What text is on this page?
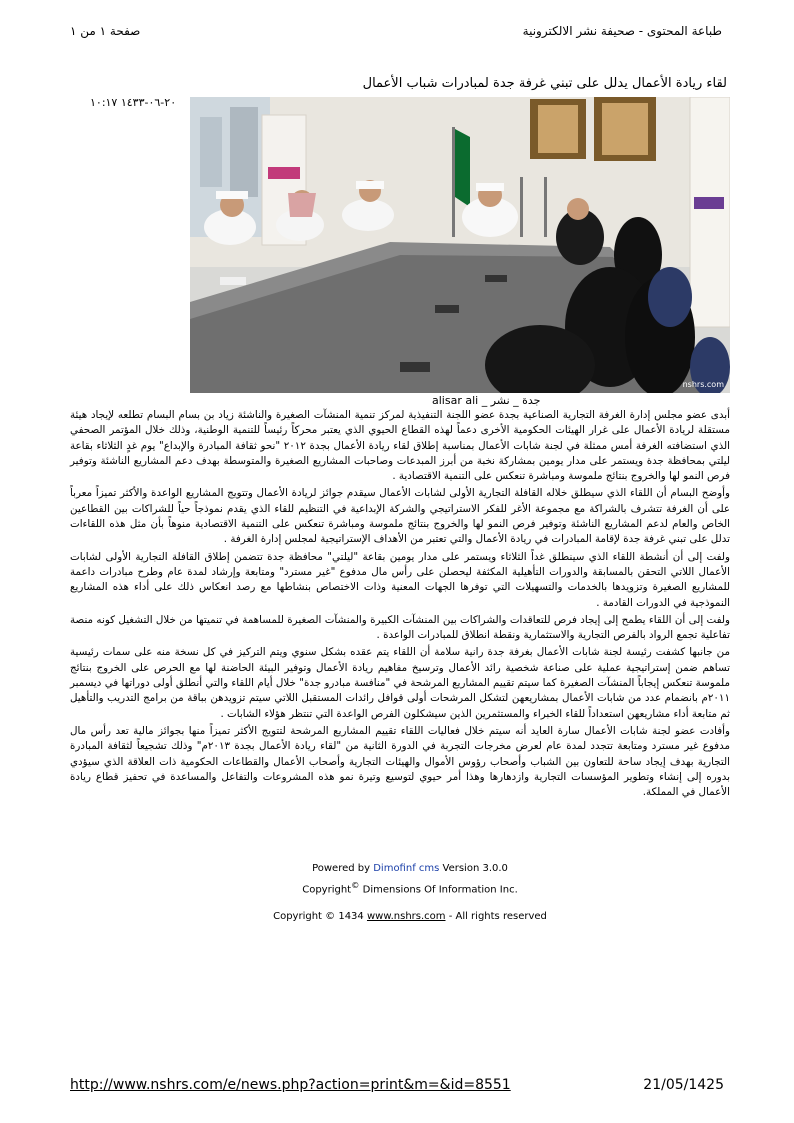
صفحة ١ من ١	طباعة المحتوى - صحيفة نشر الالكترونية
لقاء ريادة الأعمال يدلل على تبني غرفة جدة لمبادرات شباب الأعمال
٢٠-٠٦-١٤٣٣ ١٠:١٧
nshrs.com
جدة _ نشر _ alisar ali

أبدى عضو مجلس إدارة الغرفة التجارية الصناعية بجدة عضو اللجنة التنفيذية لمركز تنمية المنشآت الصغيرة والناشئة زياد بن بسام البسام تطلعه لإيجاد هيئة مستقلة لريادة الأعمال على غرار الهيئات الحكومية الأخرى دعماً لهذه القطاع الحيوي الذي يعتبر محركاً رئيساً للتنمية الوطنية، وذلك خلال المؤتمر الصحفي الذي استضافته الغرفة أمس ممثلة في لجنة شابات الأعمال بمناسبة إطلاق لقاء ريادة الأعمال بجدة ٢٠١٢ "نحو ثقافة المبادرة والإبداع" يوم غدٍ الثلاثاء بقاعة ليلتي بمحافظة جدة ويستمر على مدار يومين بمشاركة نخبة من أبرز المبدعات وصاحبات المشاريع الصغيرة والمتوسطة بهدف دعم المشاريع الناشئة وتوفير فرص النمو لها والخروج بنتائج ملموسة ومباشرة تنعكس على التنمية الاقتصادية .

وأوضح البسام أن اللقاء الذي سيطلق خلاله القافلة التجارية الأولى لشابات الأعمال سيقدم جوائز لريادة الأعمال وتتويج المشاريع الواعدة والأكثر تميزاً معرباً على أن الغرفة تتشرف بالشراكة مع مجموعة الأغر للفكر الاستراتيجي والشركة الإبداعية في التنظيم للقاء الذي يقدم نموذجاً حياً للشراكات بين القطاعين الخاص والعام لدعم المشاريع الناشئة وتوفير فرص النمو لها والخروج بنتائج ملموسة ومباشرة تنعكس على التنمية الاقتصادية منوهاً بأن مثل هذه اللقاءات تدلل على تبني غرفة جدة لإقامة المبادرات في ريادة الأعمال والتي تعتبر من الأهداف الإستراتيجية لمجلس إدارة الغرفة .

ولفت إلى أن أنشطة اللقاء الذي سينطلق غداً الثلاثاء ويستمر على مدار يومين بقاعة "ليلتي" محافظة جدة تتضمن إطلاق القافلة التجارية الأولى لشابات الأعمال اللاتي التحقن بالمسابقة والدورات التأهيلية المكثفة ليحصلن على رأس مال مدفوع "غير مسترد" ومتابعة وإرشاد لمدة عام وطرح مبادرات داعمة للمشاريع الصغيرة وتزويدها بالخدمات والتسهيلات التي توفرها الجهات المعنية وذات الاختصاص بنشاطها مع رصد انعكاس ذلك على أداء هذه المشاريع النموذجية في الدورات القادمة .

ولفت إلى أن اللقاء يطمح إلى إيجاد فرص للتعاقدات والشراكات بين المنشآت الكبيرة والمنشآت الصغيرة للمساهمة في تنميتها من خلال التشغيل كونه منصة تفاعلية تجمع الرواد بالفرص التجارية والاستثمارية ونقطة انطلاق للمبادرات الواعدة .

من جانبها كشفت رئيسة لجنة شابات الأعمال بغرفة جدة رانية سلامة أن اللقاء يتم عقده بشكل سنوي ويتم التركيز في كل نسخة منه على سمات رئيسية تساهم ضمن إستراتيجية عملية على صناعة شخصية رائد الأعمال وترسيخ مفاهيم ريادة الأعمال وتوفير البيئة الحاضنة لها مع الحرص على الخروج بنتائج ملموسة تنعكس إيجاباً المنشآت الصغيرة كما سيتم تقييم المشاريع المرشحة في "منافسة مبادرو جدة" خلال أيام اللقاء والتي أنطلق أولى دوراتها في ديسمبر ٢٠١١م بانضمام عدد من شابات الأعمال بمشاريعهن لتشكل المرشحات أولى قوافل رائدات المستقبل اللاتي سيتم تزويدهن بباقة من برامج التدريب والتأهيل ثم متابعة أداء مشاريعهن استعداداً للقاء الخبراء والمستثمرين الذين سيشكلون الفرص الواعدة التي تنتظر هؤلاء الشابات .

وأفادت عضو لجنة شابات الأعمال سارة العايد أنه سيتم خلال فعاليات اللقاء تقييم المشاريع المرشحة لتتويج الأكثر تميزاً منها بجوائز مالية تعد رأس مال مدفوع غير مسترد ومتابعة تتجدد لمدة عام لعرض مخرجات التجربة في الدورة الثانية من "لقاء ريادة الأعمال بجدة ٢٠١٣م" وذلك تشجيعاً لثقافة المبادرة التجارية بهدف إيجاد ساحة للتعاون بين الشباب وأصحاب رؤوس الأموال والهيئات التجارية وأصحاب الأعمال والقطاعات الحكومية ذات العلاقة الذي سيؤدي بدوره إلى إنشاء وتطوير المؤسسات التجارية وازدهارها وهذا أمر حيوي لتوسيع وتيرة نمو هذه المشروعات والتفاعل والمساعدة في تحفيز قطاع ريادة الأعمال في المملكة.

Powered by Dimofinf cms Version 3.0.0
Copyright© Dimensions Of Information Inc.
Copyright © 1434 www.nshrs.com - All rights reserved
http://www.nshrs.com/e/news.php?action=print&m=&id=8551	21/05/1425
